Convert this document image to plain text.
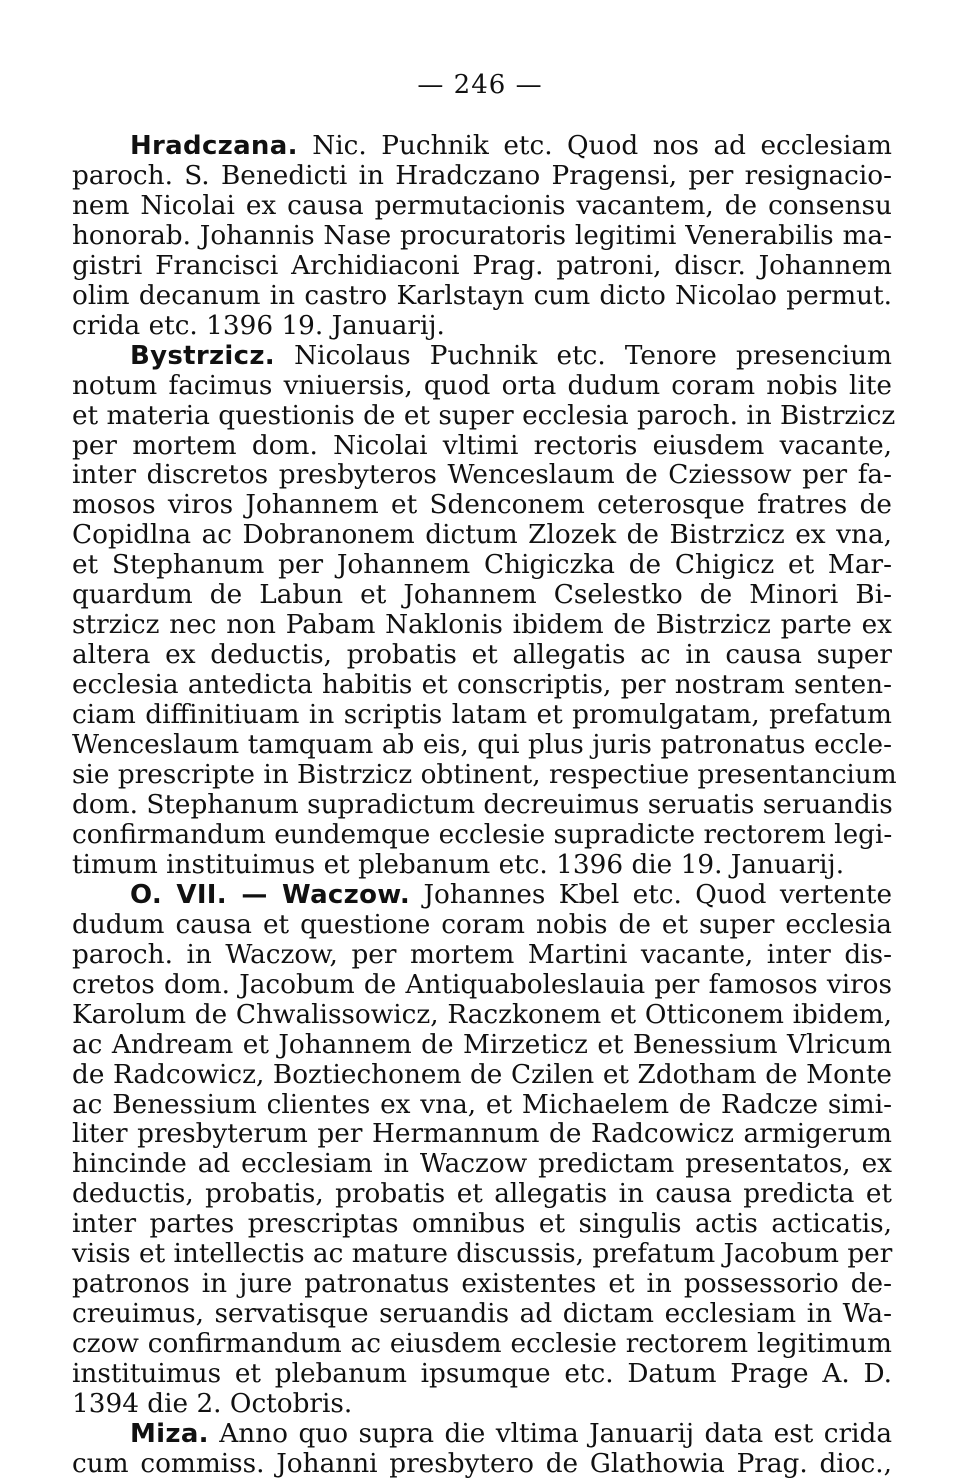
— 246 —
Hradczana. Nic. Puchnik etc. Quod nos ad ecclesiam
paroch. S. Benedicti in Hradczano Pragensi, per resignacio-
nem Nicolai ex causa permutacionis vacantem, de consensu
honorab. Johannis Nase procuratoris legitimi Venerabilis ma-
gistri Francisci Archidiaconi Prag. patroni, discr. Johannem
olim decanum in castro Karlstayn cum dicto Nicolao permut.
crida etc. 1396 19. Januarij.
Bystrzicz. Nicolaus Puchnik etc. Tenore presencium
notum facimus vniuersis, quod orta dudum coram nobis lite
et materia questionis de et super ecclesia paroch. in Bistrzicz
per mortem dom. Nicolai vltimi rectoris eiusdem vacante,
inter discretos presbyteros Wenceslaum de Cziessow per fa-
mosos viros Johannem et Sdenconem ceterosque fratres de
Copidlna ac Dobranonem dictum Zlozek de Bistrzicz ex vna,
et Stephanum per Johannem Chigiczka de Chigicz et Mar-
quardum de Labun et Johannem Cselestko de Minori Bi-
strzicz nec non Pabam Naklonis ibidem de Bistrzicz parte ex
altera ex deductis, probatis et allegatis ac in causa super
ecclesia antedicta habitis et conscriptis, per nostram senten-
ciam diffinitiuam in scriptis latam et promulgatam, prefatum
Wenceslaum tamquam ab eis, qui plus juris patronatus eccle-
sie prescripte in Bistrzicz obtinent, respectiue presentancium
dom. Stephanum supradictum decreuimus seruatis seruandis
confirmandum eundemque ecclesie supradicte rectorem legi-
timum instituimus et plebanum etc. 1396 die 19. Januarij.
O. VII. — Waczow. Johannes Kbel etc. Quod vertente
dudum causa et questione coram nobis de et super ecclesia
paroch. in Waczow, per mortem Martini vacante, inter dis-
cretos dom. Jacobum de Antiquaboleslauia per famosos viros
Karolum de Chwalissowicz, Raczkonem et Otticonem ibidem,
ac Andream et Johannem de Mirzeticz et Benessium Vlricum
de Radcowicz, Boztiechonem de Czilen et Zdotham de Monte
ac Benessium clientes ex vna, et Michaelem de Radcze simi-
liter presbyterum per Hermannum de Radcowicz armigerum
hincinde ad ecclesiam in Waczow predictam presentatos, ex
deductis, probatis, probatis et allegatis in causa predicta et
inter partes prescriptas omnibus et singulis actis acticatis,
visis et intellectis ac mature discussis, prefatum Jacobum per
patronos in jure patronatus existentes et in possessorio de-
creuimus, servatisque seruandis ad dictam ecclesiam in Wa-
czow confirmandum ac eiusdem ecclesie rectorem legitimum
instituimus et plebanum ipsumque etc. Datum Prage A. D.
1394 die 2. Octobris.
Miza. Anno quo supra die vltima Januarij data est crida
cum commiss. Johanni presbytero de Glathowia Prag. dioc.,
